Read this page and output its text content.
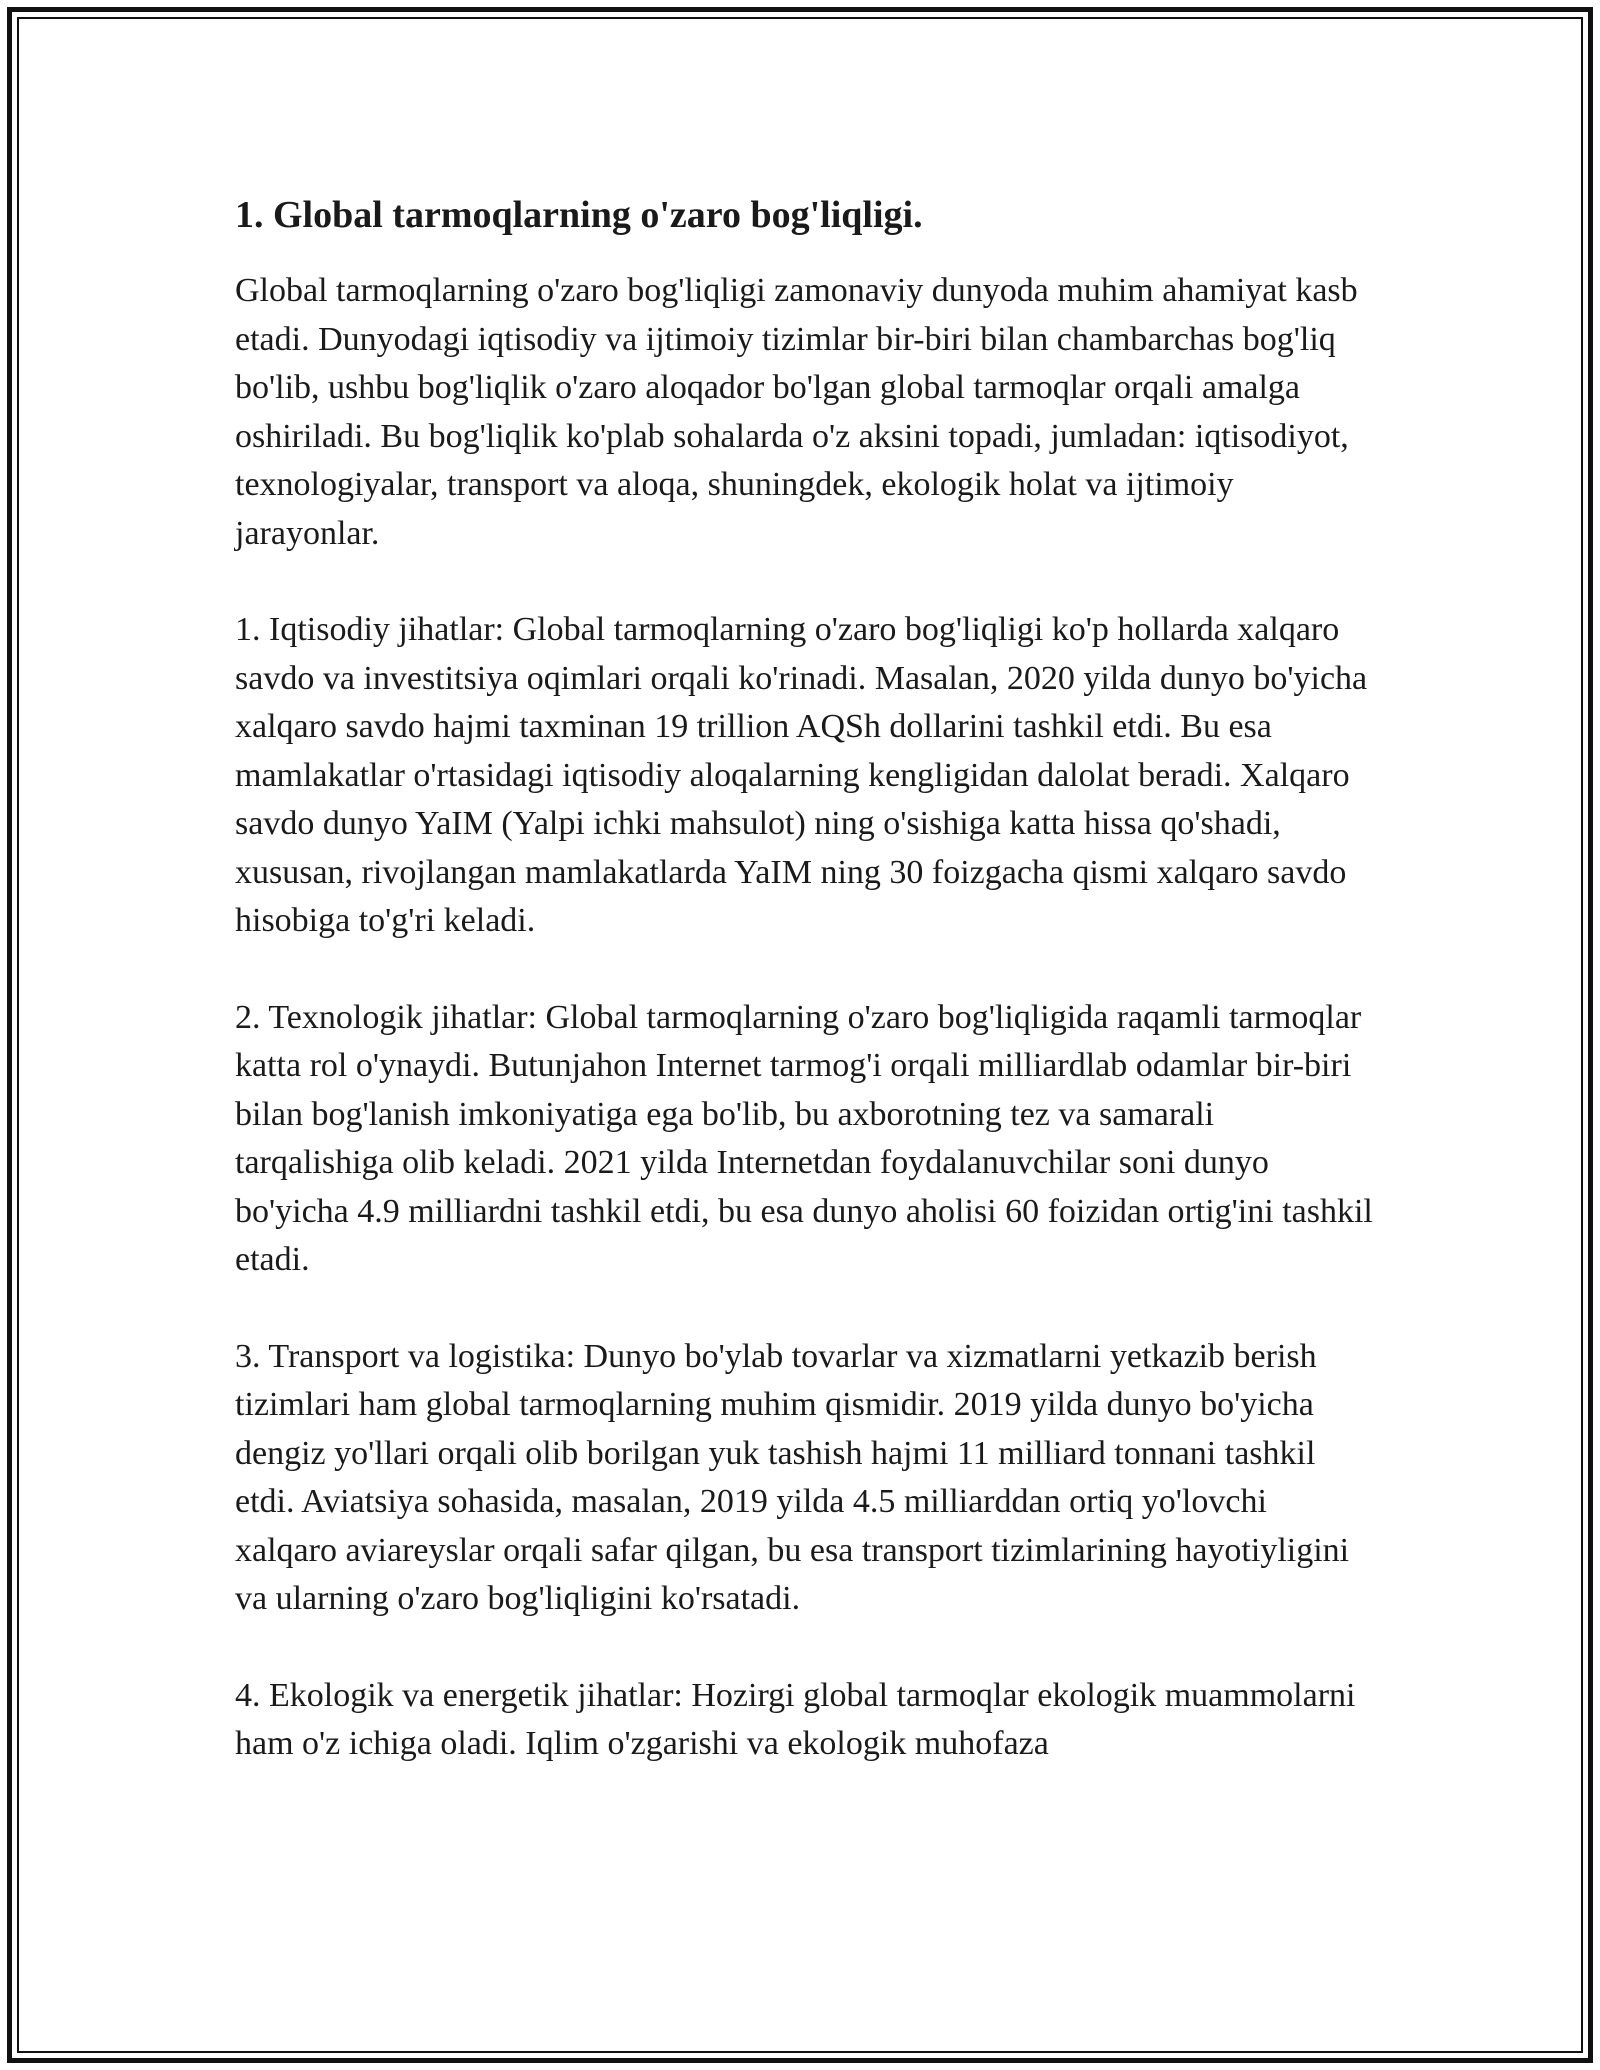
1. Global tarmoqlarning o'zaro bog'liqligi.

Global tarmoqlarning o'zaro bog'liqligi zamonaviy dunyoda muhim ahamiyat kasb etadi. Dunyodagi iqtisodiy va ijtimoiy tizimlar bir-biri bilan chambarchas bog'liq bo'lib, ushbu bog'liqlik o'zaro aloqador bo'lgan global tarmoqlar orqali amalga oshiriladi. Bu bog'liqlik ko'plab sohalarda o'z aksini topadi, jumladan: iqtisodiyot, texnologiyalar, transport va aloqa, shuningdek, ekologik holat va ijtimoiy jarayonlar.

1. Iqtisodiy jihatlar: Global tarmoqlarning o'zaro bog'liqligi ko'p hollarda xalqaro savdo va investitsiya oqimlari orqali ko'rinadi. Masalan, 2020 yilda dunyo bo'yicha xalqaro savdo hajmi taxminan 19 trillion AQSh dollarini tashkil etdi. Bu esa mamlakatlar o'rtasidagi iqtisodiy aloqalarning kengligidan dalolat beradi. Xalqaro savdo dunyo YaIM (Yalpi ichki mahsulot) ning o'sishiga katta hissa qo'shadi, xususan, rivojlangan mamlakatlarda YaIM ning 30 foizgacha qismi xalqaro savdo hisobiga to'g'ri keladi.

2. Texnologik jihatlar: Global tarmoqlarning o'zaro bog'liqligida raqamli tarmoqlar katta rol o'ynaydi. Butunjahon Internet tarmog'i orqali milliardlab odamlar bir-biri bilan bog'lanish imkoniyatiga ega bo'lib, bu axborotning tez va samarali tarqalishiga olib keladi. 2021 yilda Internetdan foydalanuvchilar soni dunyo bo'yicha 4.9 milliardni tashkil etdi, bu esa dunyo aholisi 60 foizidan ortig'ini tashkil etadi.

3. Transport va logistika: Dunyo bo'ylab tovarlar va xizmatlarni yetkazib berish tizimlari ham global tarmoqlarning muhim qismidir. 2019 yilda dunyo bo'yicha dengiz yo'llari orqali olib borilgan yuk tashish hajmi 11 milliard tonnani tashkil etdi. Aviatsiya sohasida, masalan, 2019 yilda 4.5 milliarddan ortiq yo'lovchi xalqaro aviareyslar orqali safar qilgan, bu esa transport tizimlarining hayotiyligini va ularning o'zaro bog'liqligini ko'rsatadi.

4. Ekologik va energetik jihatlar: Hozirgi global tarmoqlar ekologik muammolarni ham o'z ichiga oladi. Iqlim o'zgarishi va ekologik muhofaza
